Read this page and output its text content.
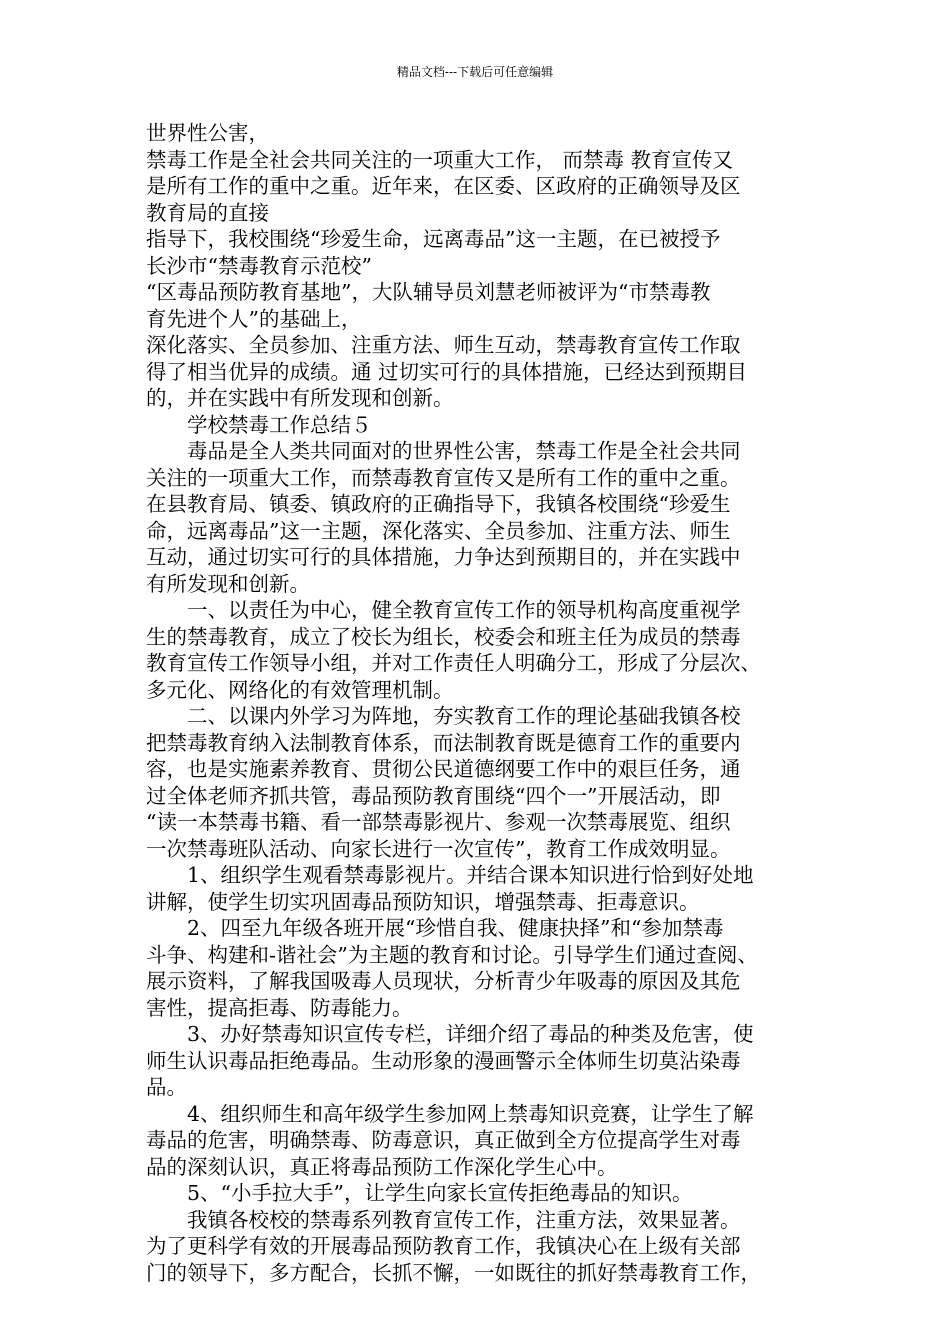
精品文档---下载后可任意编辑
世界性公害，
禁毒工作是全社会共同关注的一项重大工作， 而禁毒 教育宣传又
是所有工作的重中之重。近年来，在区委、区政府的正确领导及区
教育局的直接
指导下，我校围绕“珍爱生命，远离毒品”这一主题，在已被授予
长沙市“禁毒教育示范校”
“区毒品预防教育基地”，大队辅导员刘慧老师被评为“市禁毒教
育先进个人”的基础上，
深化落实、全员参加、注重方法、师生互动，禁毒教育宣传工作取
得了相当优异的成绩。通 过切实可行的具体措施，已经达到预期目
的，并在实践中有所发现和创新。
学校禁毒工作总结５
毒品是全人类共同面对的世界性公害，禁毒工作是全社会共同
关注的一项重大工作，而禁毒教育宣传又是所有工作的重中之重。
在县教育局、镇委、镇政府的正确指导下，我镇各校围绕“珍爱生
命，远离毒品”这一主题，深化落实、全员参加、注重方法、师生
互动，通过切实可行的具体措施，力争达到预期目的，并在实践中
有所发现和创新。
一、以责任为中心，健全教育宣传工作的领导机构高度重视学
生的禁毒教育，成立了校长为组长，校委会和班主任为成员的禁毒
教育宣传工作领导小组，并对工作责任人明确分工，形成了分层次、
多元化、网络化的有效管理机制。
二、以课内外学习为阵地，夯实教育工作的理论基础我镇各校
把禁毒教育纳入法制教育体系，而法制教育既是德育工作的重要内
容，也是实施素养教育、贯彻公民道德纲要工作中的艰巨任务，通
过全体老师齐抓共管，毒品预防教育围绕“四个一”开展活动，即
“读一本禁毒书籍、看一部禁毒影视片、参观一次禁毒展览、组织
一次禁毒班队活动、向家长进行一次宣传”，教育工作成效明显。
1、组织学生观看禁毒影视片。并结合课本知识进行恰到好处地
讲解，使学生切实巩固毒品预防知识，增强禁毒、拒毒意识。
2、四至九年级各班开展“珍惜自我、健康抉择”和“参加禁毒
斗争、构建和-谐社会”为主题的教育和讨论。引导学生们通过查阅、
展示资料，了解我国吸毒人员现状，分析青少年吸毒的原因及其危
害性，提高拒毒、防毒能力。
3、办好禁毒知识宣传专栏，详细介绍了毒品的种类及危害，使
师生认识毒品拒绝毒品。生动形象的漫画警示全体师生切莫沾染毒
品。
4、组织师生和高年级学生参加网上禁毒知识竞赛，让学生了解
毒品的危害，明确禁毒、防毒意识，真正做到全方位提高学生对毒
品的深刻认识，真正将毒品预防工作深化学生心中。
5、“小手拉大手”，让学生向家长宣传拒绝毒品的知识。
我镇各校校的禁毒系列教育宣传工作，注重方法，效果显著。
为了更科学有效的开展毒品预防教育工作，我镇决心在上级有关部
门的领导下，多方配合，长抓不懈，一如既往的抓好禁毒教育工作，
